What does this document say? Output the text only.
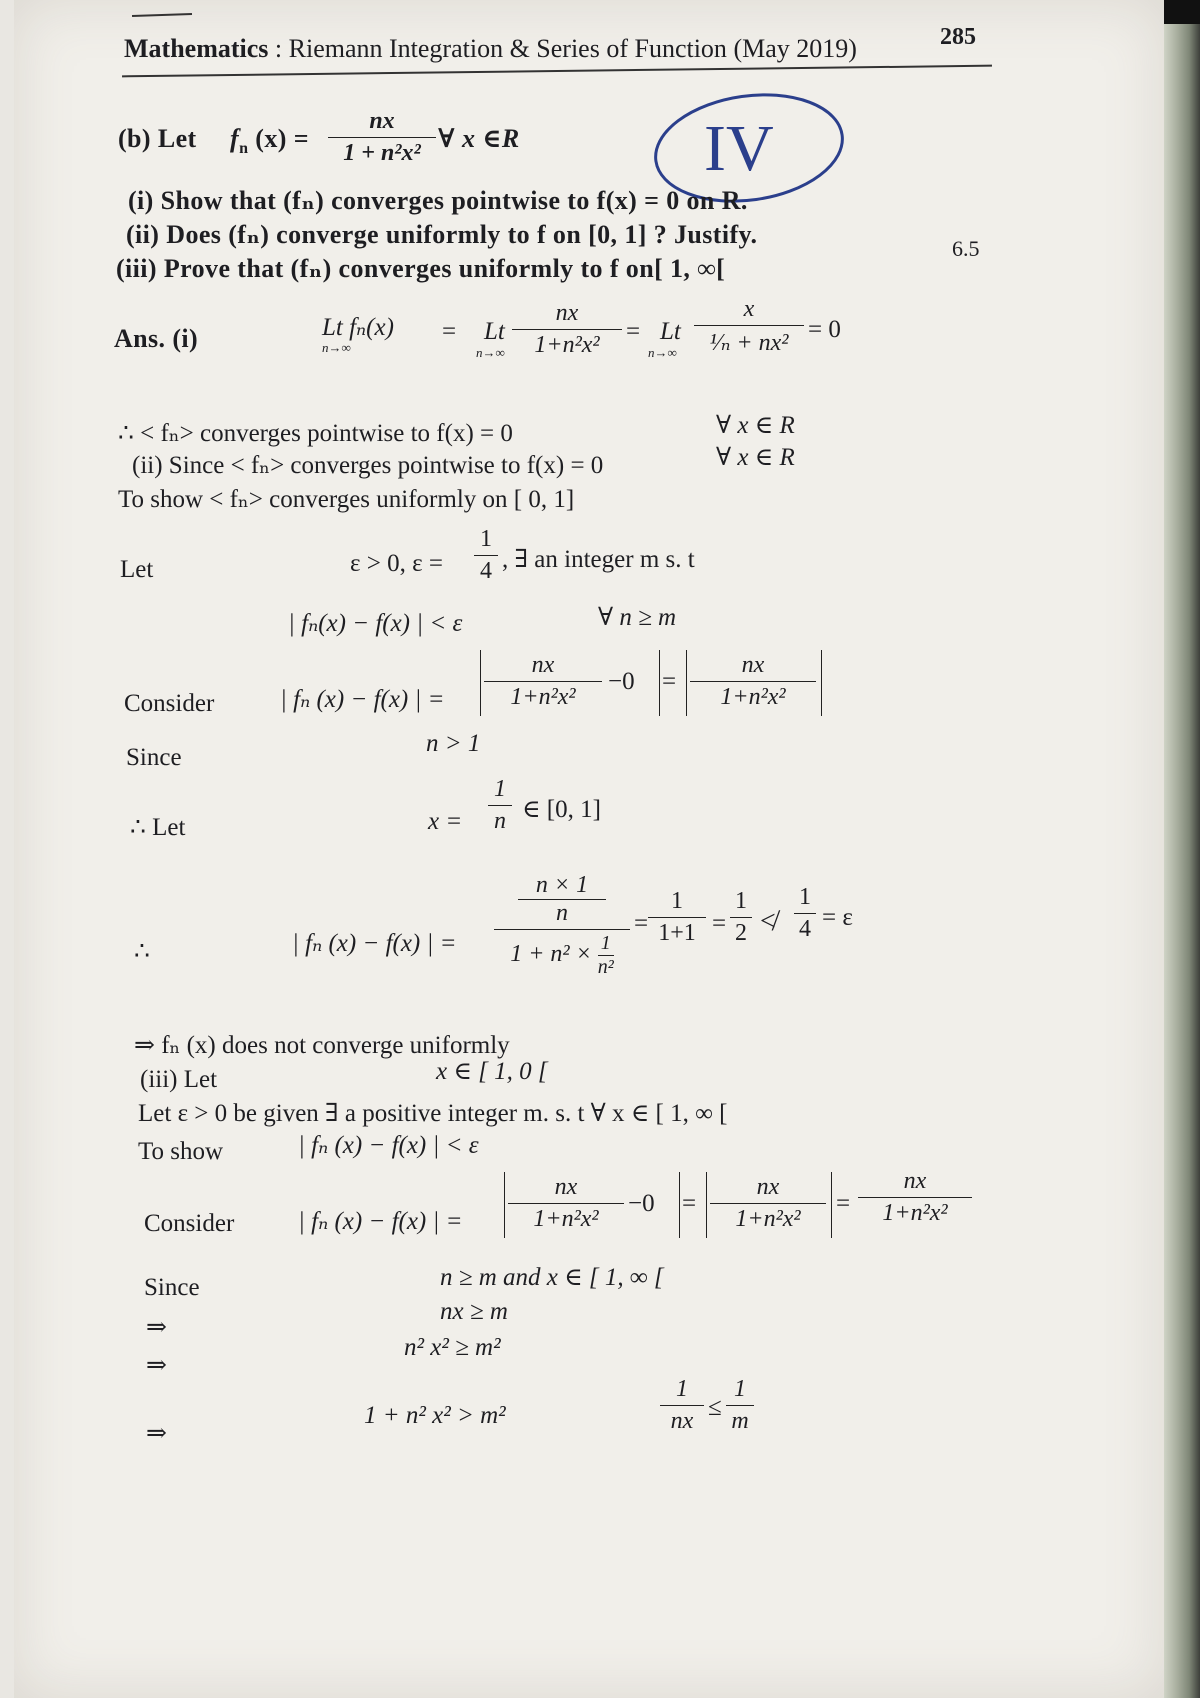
Mathematics : Riemann Integration & Series of Function (May 2019)	285
IV
6.5
(b) Let $f_n$ (x) =
nx
1 + n²x² ∀ x ∈R
(i) Show that (fₙ) converges pointwise to f(x) = 0 on R.
(ii) Does (fₙ) converge uniformly to f on [0, 1] ? Justify.
(iii) Prove that (fₙ) converges uniformly to f on[ 1, ∞[
Ans. (i)	Lt fₙ(x)
n→∞
= Lt
n→∞
nx
1+n²x²	= Lt
n→∞
x
¹⁄ₙ + nx² = 0
∴ < fₙ> converges pointwise to f(x) = 0	∀ x ∈ R
(ii) Since < fₙ> converges pointwise to f(x) = 0	∀ x ∈ R
To show < fₙ> converges uniformly on [ 0, 1]
Let	ε > 0, ε =
1
4 , ∃ an integer m s. t
| fₙ(x) − f(x) | < ε	∀ n ≥ m
Consider	| fₙ (x) − f(x) | =
nx
1+n²x²
−0 =
nx
1+n²x²
Since
n > 1
∴ Let	x =
1
n ∈ [0, 1]
∴	| fₙ (x) − f(x) | =
n × 1
n
$1 + n^2 \times \frac{1}{\text{n²}}$
=
1
1+1 =
1
2 ≮
1
4 = ε
⇒ fₙ (x) does not converge uniformly
(iii) Let	x ∈ [ 1, 0 [
Let ε > 0 be given ∃ a positive integer m. s. t ∀ x ∈ [ 1, ∞ [
To show	| fₙ (x) − f(x) | < ε
Consider	| fₙ (x) − f(x) | =
nx
1+n²x²
−0 =
nx
1+n²x²
=
nx
1+n²x²
Since	n ≥ m and x ∈ [ 1, ∞ [
⇒
nx ≥ m
⇒
n² x² ≥ m²
⇒
1 + n² x² > m²
1
nx ≤
1
m
